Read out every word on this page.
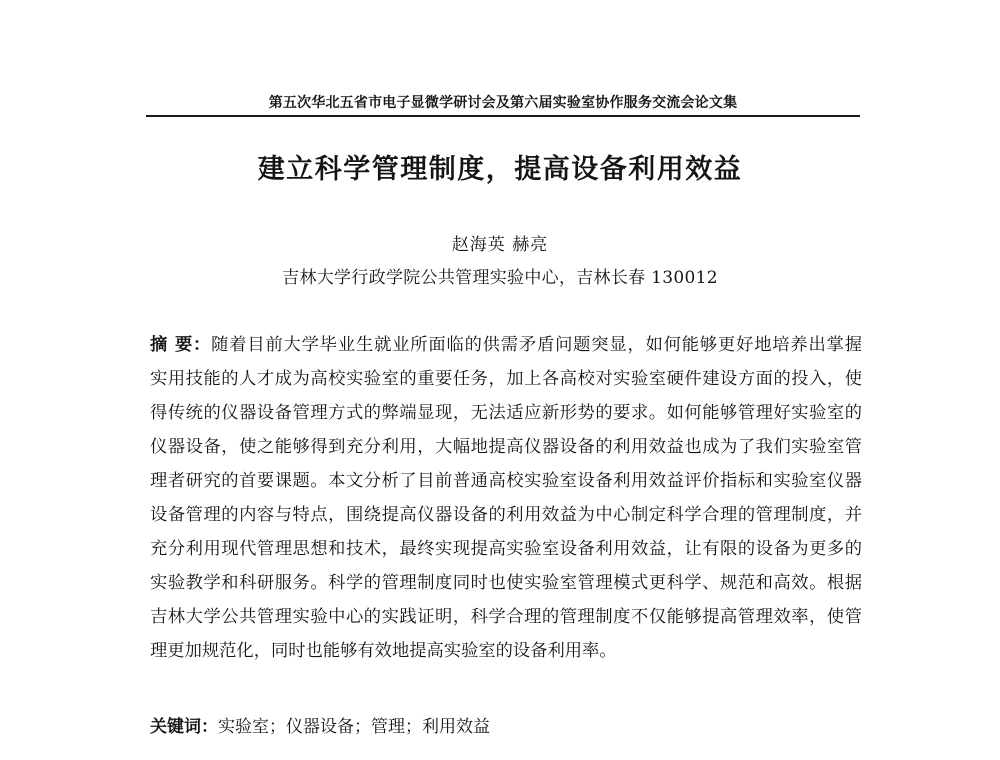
第五次华北五省市电子显微学研讨会及第六届实验室协作服务交流会论文集
建立科学管理制度，提高设备利用效益
赵海英 赫亮
吉林大学行政学院公共管理实验中心，吉林长春 130012
摘 要：随着目前大学毕业生就业所面临的供需矛盾问题突显，如何能够更好地培养出掌握
实用技能的人才成为高校实验室的重要任务，加上各高校对实验室硬件建设方面的投入，使
得传统的仪器设备管理方式的弊端显现，无法适应新形势的要求。如何能够管理好实验室的
仪器设备，使之能够得到充分利用，大幅地提高仪器设备的利用效益也成为了我们实验室管
理者研究的首要课题。本文分析了目前普通高校实验室设备利用效益评价指标和实验室仪器
设备管理的内容与特点，围绕提高仪器设备的利用效益为中心制定科学合理的管理制度，并
充分利用现代管理思想和技术，最终实现提高实验室设备利用效益，让有限的设备为更多的
实验教学和科研服务。科学的管理制度同时也使实验室管理模式更科学、规范和高效。根据
吉林大学公共管理实验中心的实践证明，科学合理的管理制度不仅能够提高管理效率，使管
理更加规范化，同时也能够有效地提高实验室的设备利用率。
关键词：实验室；仪器设备；管理；利用效益
